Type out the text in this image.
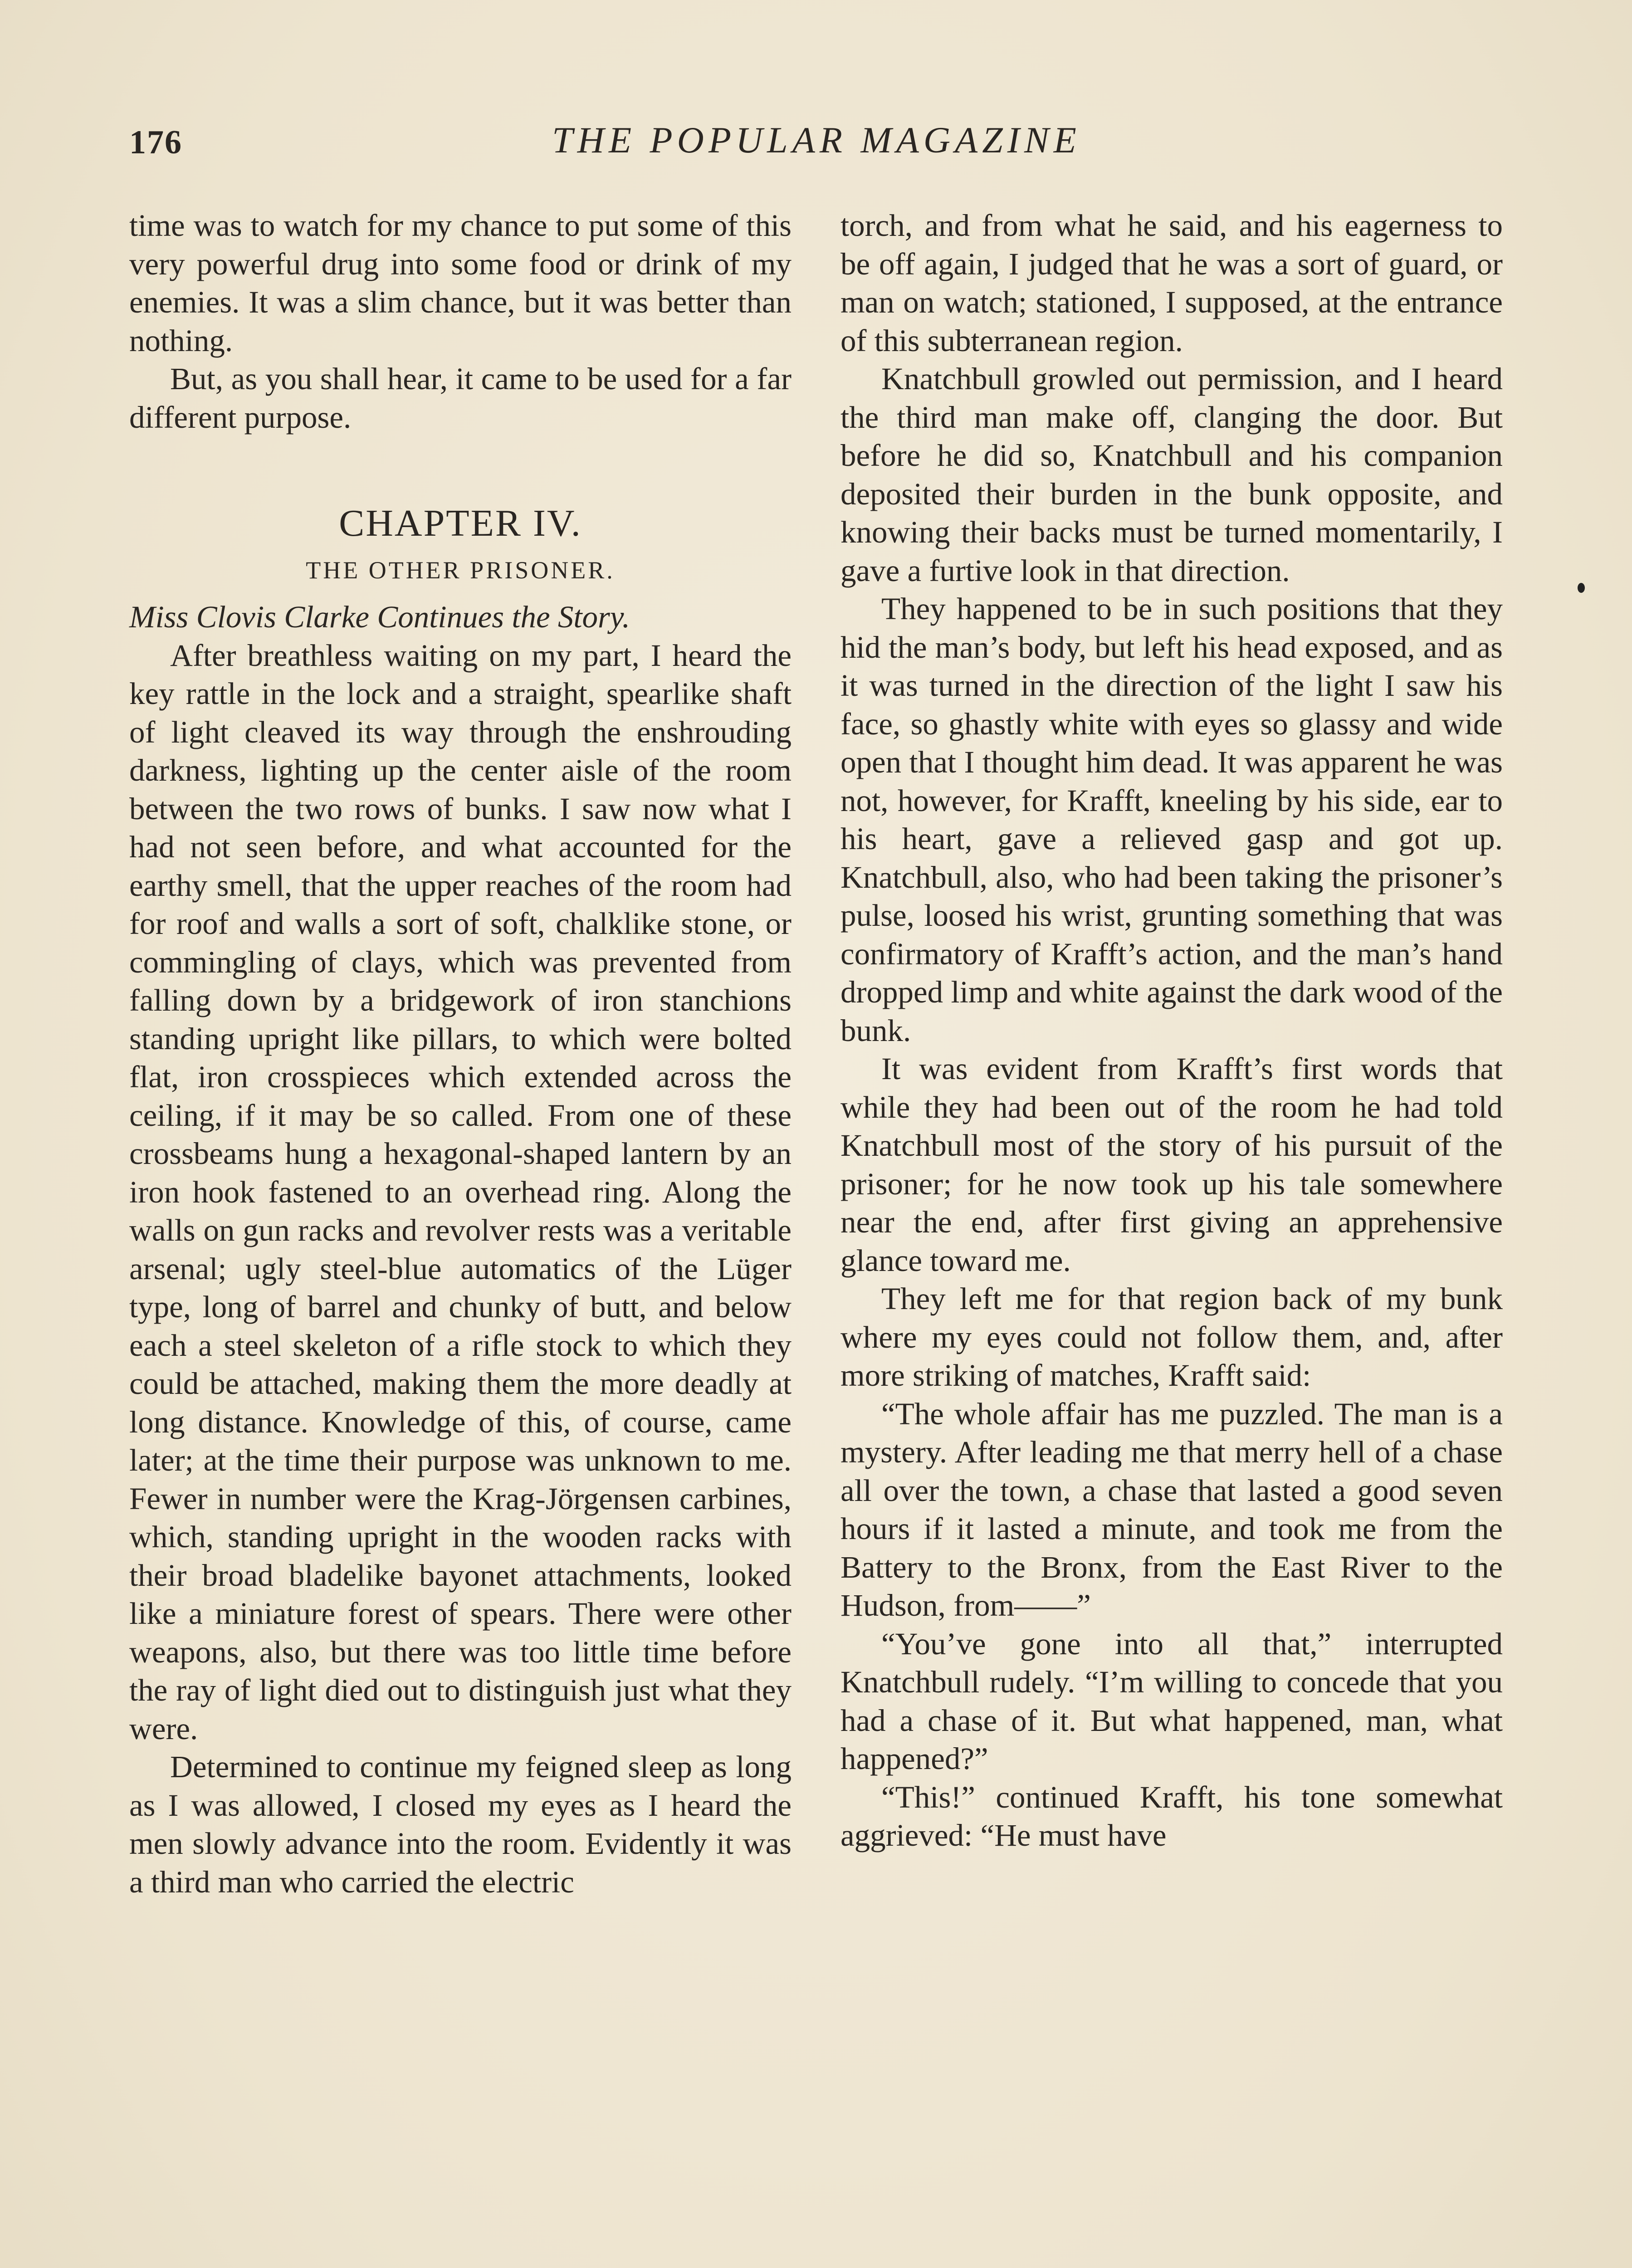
176	THE POPULAR MAGAZINE

time was to watch for my chance to put some of this very powerful drug into some food or drink of my enemies. It was a slim chance, but it was better than nothing.

But, as you shall hear, it came to be used for a far different purpose.

CHAPTER IV.
THE OTHER PRISONER.
Miss Clovis Clarke Continues the Story.

After breathless waiting on my part, I heard the key rattle in the lock and a straight, spearlike shaft of light cleaved its way through the enshrouding darkness, lighting up the center aisle of the room between the two rows of bunks. I saw now what I had not seen before, and what accounted for the earthy smell, that the upper reaches of the room had for roof and walls a sort of soft, chalklike stone, or commingling of clays, which was prevented from falling down by a bridgework of iron stanchions standing upright like pillars, to which were bolted flat, iron crosspieces which extended across the ceiling, if it may be so called. From one of these crossbeams hung a hexagonal-shaped lantern by an iron hook fastened to an overhead ring. Along the walls on gun racks and revolver rests was a veritable arsenal; ugly steel-blue automatics of the Lüger type, long of barrel and chunky of butt, and below each a steel skeleton of a rifle stock to which they could be attached, making them the more deadly at long distance. Knowledge of this, of course, came later; at the time their purpose was unknown to me. Fewer in number were the Krag-Jörgensen carbines, which, standing upright in the wooden racks with their broad bladelike bayonet attachments, looked like a miniature forest of spears. There were other weapons, also, but there was too little time before the ray of light died out to distinguish just what they were.

Determined to continue my feigned sleep as long as I was allowed, I closed my eyes as I heard the men slowly advance into the room. Evidently it was a third man who carried the electric

torch, and from what he said, and his eagerness to be off again, I judged that he was a sort of guard, or man on watch; stationed, I supposed, at the entrance of this subterranean region.

Knatchbull growled out permission, and I heard the third man make off, clanging the door. But before he did so, Knatchbull and his companion deposited their burden in the bunk opposite, and knowing their backs must be turned momentarily, I gave a furtive look in that direction.

They happened to be in such positions that they hid the man’s body, but left his head exposed, and as it was turned in the direction of the light I saw his face, so ghastly white with eyes so glassy and wide open that I thought him dead. It was apparent he was not, however, for Krafft, kneeling by his side, ear to his heart, gave a relieved gasp and got up. Knatchbull, also, who had been taking the prisoner’s pulse, loosed his wrist, grunting something that was confirmatory of Krafft’s action, and the man’s hand dropped limp and white against the dark wood of the bunk.

It was evident from Krafft’s first words that while they had been out of the room he had told Knatchbull most of the story of his pursuit of the prisoner; for he now took up his tale somewhere near the end, after first giving an apprehensive glance toward me.

They left me for that region back of my bunk where my eyes could not follow them, and, after more striking of matches, Krafft said:

“The whole affair has me puzzled. The man is a mystery. After leading me that merry hell of a chase all over the town, a chase that lasted a good seven hours if it lasted a minute, and took me from the Battery to the Bronx, from the East River to the Hudson, from——”

“You’ve gone into all that,” interrupted Knatchbull rudely. “I’m willing to concede that you had a chase of it. But what happened, man, what happened?”

“This!” continued Krafft, his tone somewhat aggrieved: “He must have
